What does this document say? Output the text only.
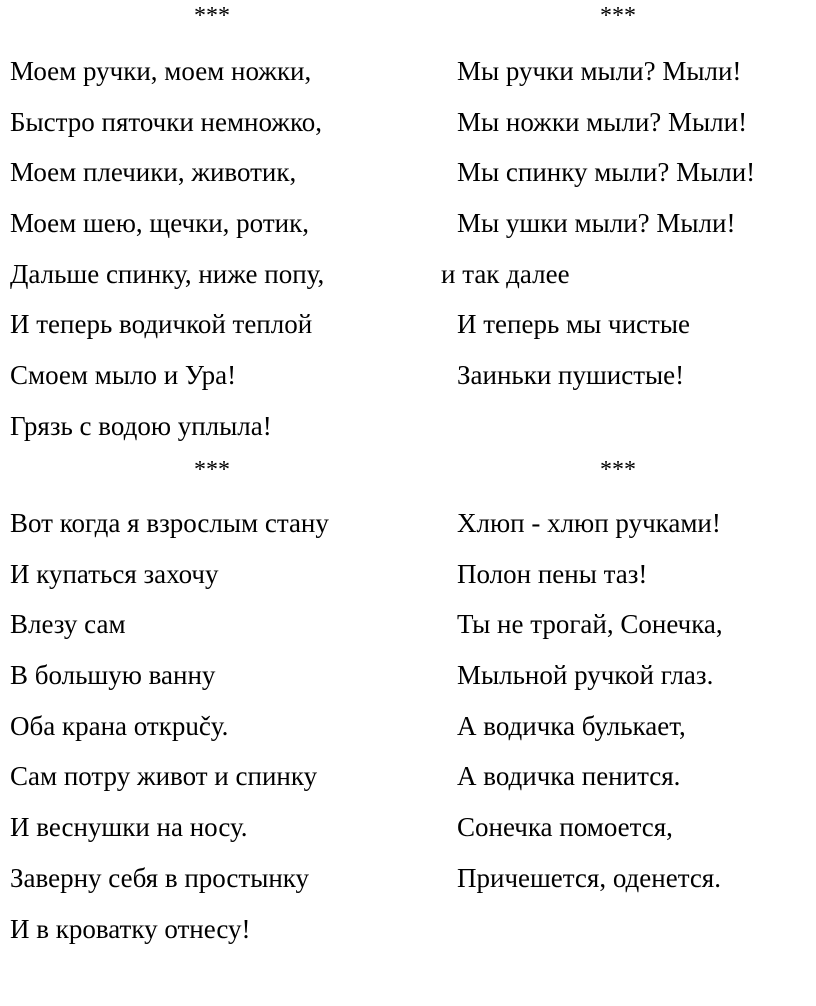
***	***
Моем ручки, моем ножки,
Быстро пяточки немножко,
Моем плечики, животик,
Моем шею, щечки, ротик,
Дальше спинку, ниже попу,
И теперь водичкой теплой
Смоем мыло и Ура!
Грязь с водою уплыла!
Мы ручки мыли? Мыли!
Мы ножки мыли? Мыли!
Мы спинку мыли? Мыли!
Мы ушки мыли? Мыли!
и так далее
И теперь мы чистые
Заиньки пушистые!
***	***
Вот когда я взрослым стану
И купаться захочу
Влезу сам
В большую ванну
Оба крана открučу.
Сам потру живот и спинку
И веснушки на носу.
Заверну себя в простынку
И в кроватку отнесу!
Хлюп - хлюп ручками!
Полон пены таз!
Ты не трогай, Сонечка,
Мыльной ручкой глаз.
А водичка булькает,
А водичка пенится.
Сонечка помоется,
Причешется, оденется.
